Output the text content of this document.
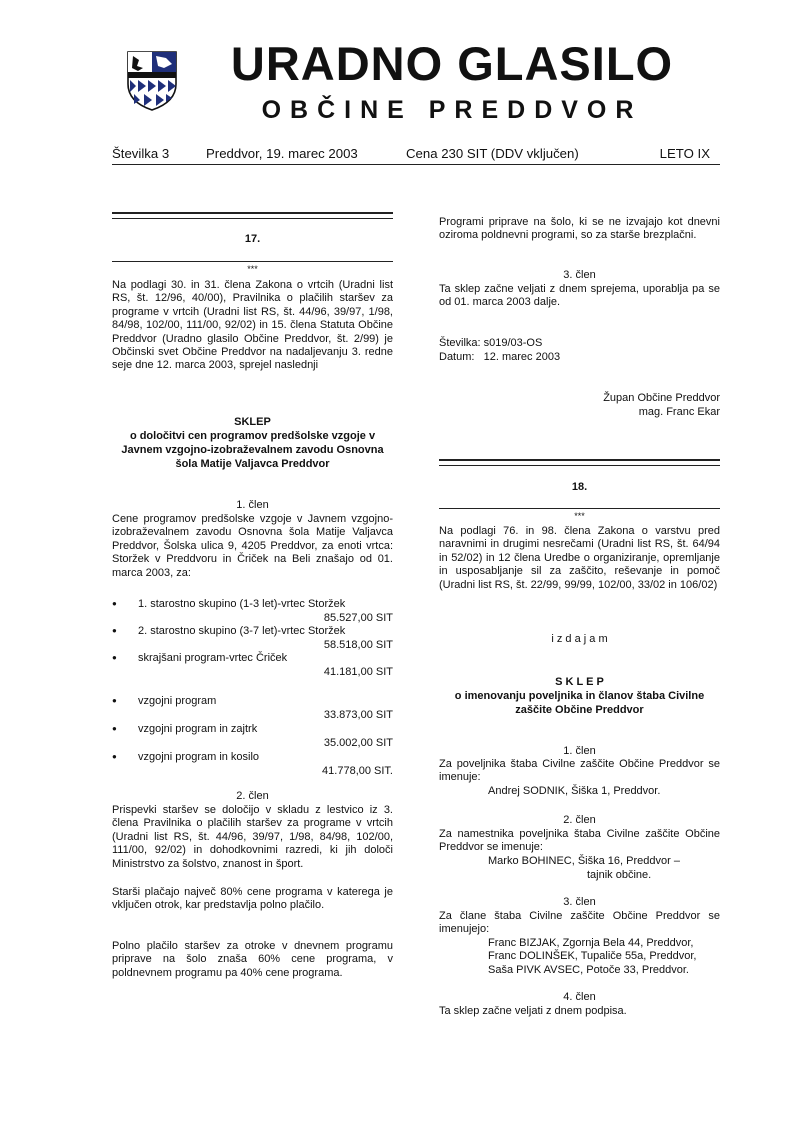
URADNO GLASILO
OBČINE PREDDVOR
Številka 3	Preddvor, 19. marec 2003	Cena 230 SIT (DDV vključen)	LETO IX
17.
***
Na podlagi 30. in 31. člena Zakona o vrtcih (Uradni list RS, št. 12/96, 40/00), Pravilnika o plačilih staršev za programe v vrtcih (Uradni list RS, št. 44/96, 39/97, 1/98, 84/98, 102/00, 111/00, 92/02) in 15. člena Statuta Občine Preddvor (Uradno glasilo Občine Preddvor, št. 2/99) je Občinski svet Občine Preddvor na nadaljevanju 3. redne seje dne 12. marca 2003, sprejel naslednji
SKLEP
o določitvi cen programov predšolske vzgoje v Javnem vzgojno-izobraževalnem zavodu Osnovna šola Matije Valjavca Preddvor
1. člen
Cene programov predšolske vzgoje v Javnem vzgojno-izobraževalnem zavodu Osnovna šola Matije Valjavca Preddvor, Šolska ulica 9, 4205 Preddvor, za enoti vrtca: Storžek v Preddvoru in Čriček na Beli znašajo od 01. marca 2003, za:
● 1. starostno skupino (1-3 let)-vrtec Storžek
85.527,00 SIT
● 2. starostno skupino (3-7 let)-vrtec Storžek
58.518,00 SIT
● skrajšani program-vrtec Čriček
41.181,00 SIT
● vzgojni program
33.873,00 SIT
● vzgojni program in zajtrk
35.002,00 SIT
● vzgojni program in kosilo
41.778,00 SIT.
2. člen
Prispevki staršev se določijo v skladu z lestvico iz 3. člena Pravilnika o plačilih staršev za programe v vrtcih (Uradni list RS, št. 44/96, 39/97, 1/98, 84/98, 102/00, 111/00, 92/02) in dohodkovnimi razredi, ki jih določi Ministrstvo za šolstvo, znanost in šport.
Starši plačajo največ 80% cene programa v katerega je vključen otrok, kar predstavlja polno plačilo.
Polno plačilo staršev za otroke v dnevnem programu priprave na šolo znaša 60% cene programa, v poldnevnem programu pa 40% cene programa.
Programi priprave na šolo, ki se ne izvajajo kot dnevni oziroma poldnevni programi, so za starše brezplačni.
3. člen
Ta sklep začne veljati z dnem sprejema, uporablja pa se od 01. marca 2003 dalje.
Številka: s019/03-OS
Datum:   12. marec 2003
Župan Občine Preddvor
mag. Franc Ekar
18.
***
Na podlagi 76. in 98. člena Zakona o varstvu pred naravnimi in drugimi nesrečami (Uradni list RS, št. 64/94 in 52/02) in 12 člena Uredbe o organiziranje, opremljanje in usposabljanje sil za zaščito, reševanje in pomoč (Uradni list RS, št. 22/99, 99/99, 102/00, 33/02 in 106/02)
i z d a j a m
S K L E P
o imenovanju poveljnika in članov štaba Civilne zaščite Občine Preddvor
1. člen
Za poveljnika štaba Civilne zaščite Občine Preddvor se imenuje:
Andrej SODNIK, Šiška 1, Preddvor.
2. člen
Za namestnika poveljnika štaba Civilne zaščite Občine Preddvor se imenuje:
Marko BOHINEC, Šiška 16, Preddvor –
tajnik občine.
3. člen
Za člane štaba Civilne zaščite Občine Preddvor se imenujejo:
Franc BIZJAK, Zgornja Bela 44, Preddvor,
Franc DOLINŠEK, Tupaliče 55a, Preddvor,
Saša PIVK AVSEC, Potoče 33, Preddvor.
4. člen
Ta sklep začne veljati z dnem podpisa.
